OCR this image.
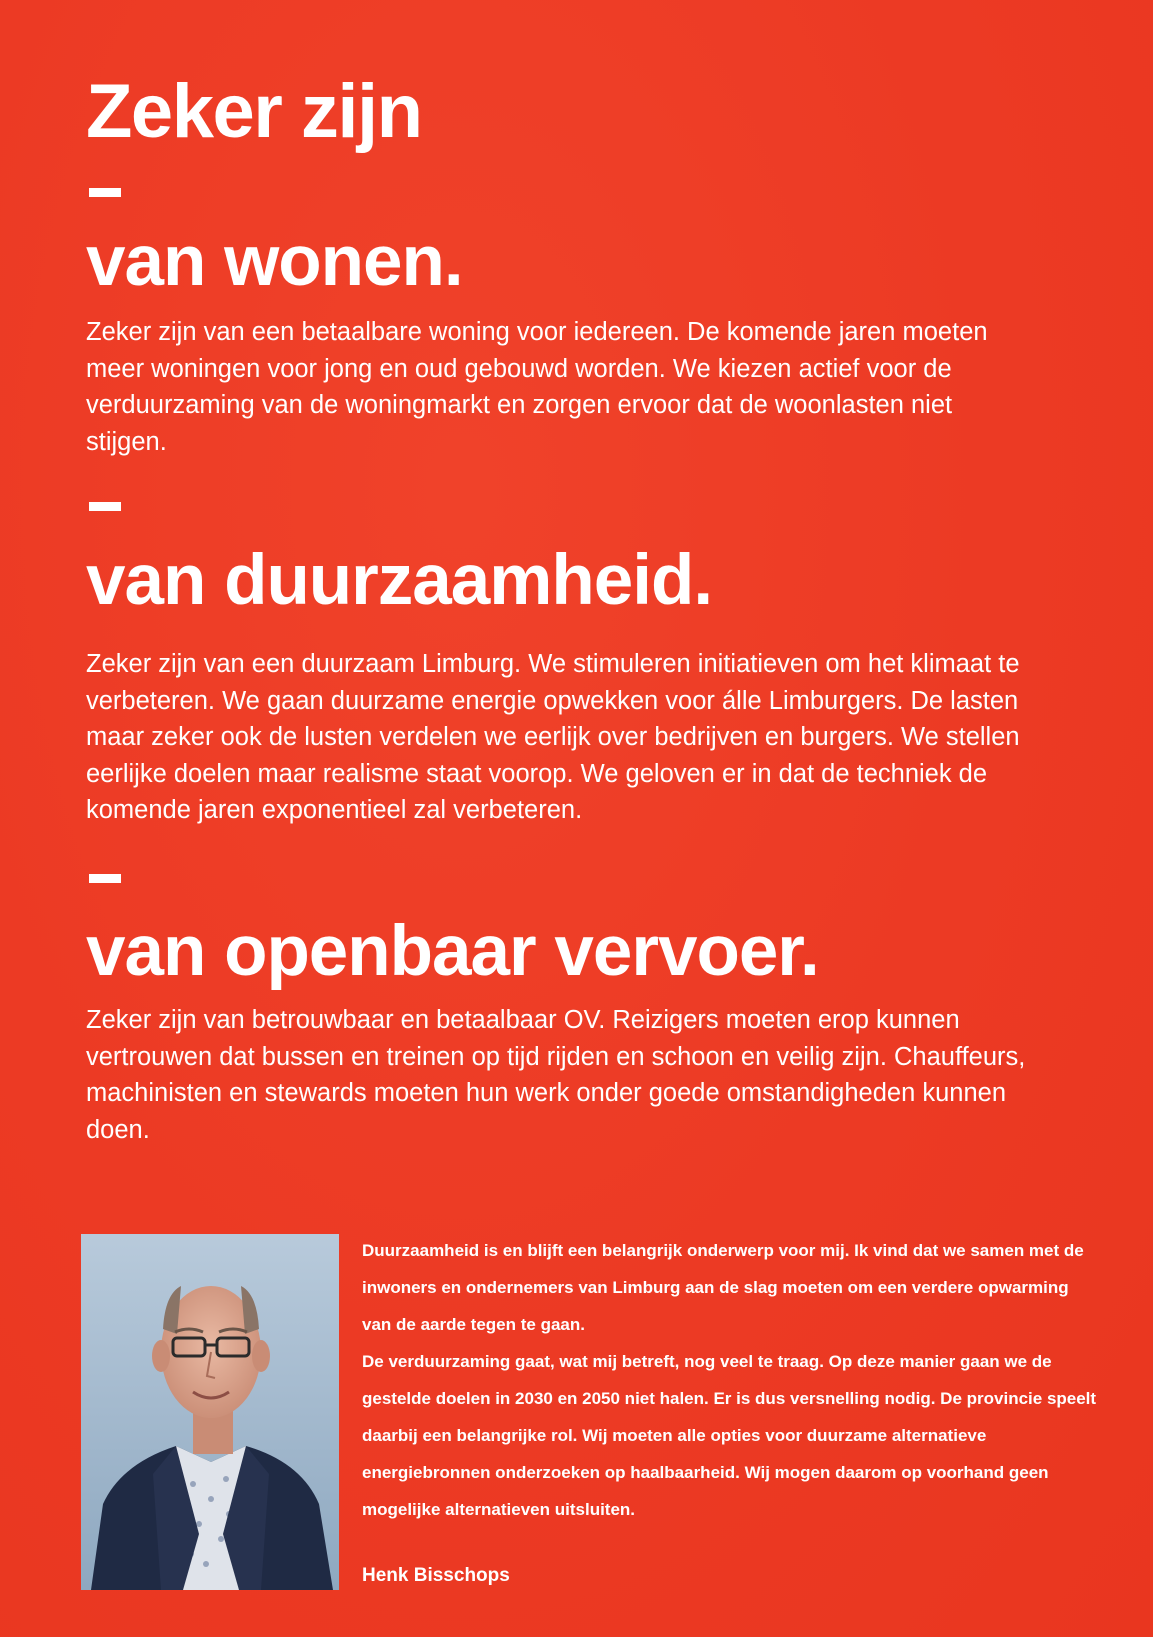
Zeker zijn
van wonen.

Zeker zijn van een betaalbare woning voor iedereen. De komende jaren moeten meer woningen voor jong en oud gebouwd worden. We kiezen actief voor de verduurzaming van de woningmarkt en zorgen ervoor dat de woonlasten niet stijgen.

van duurzaamheid.

Zeker zijn van een duurzaam Limburg. We stimuleren initiatieven om het klimaat te verbeteren. We gaan duurzame energie opwekken voor álle Limburgers. De lasten maar zeker ook de lusten verdelen we eerlijk over bedrijven en burgers. We stellen eerlijke doelen maar realisme staat voorop. We geloven er in dat de techniek de komende jaren exponentieel zal verbeteren.

van openbaar vervoer.

Zeker zijn van betrouwbaar en betaalbaar OV. Reizigers moeten erop kunnen vertrouwen dat bussen en treinen op tijd rijden en schoon en veilig zijn. Chauffeurs, machinisten en stewards moeten hun werk onder goede omstandigheden kunnen doen.

Duurzaamheid is en blijft een belangrijk onderwerp voor mij. Ik vind dat we samen met de inwoners en ondernemers van Limburg aan de slag moeten om een verdere opwarming van de aarde tegen te gaan.

De verduurzaming gaat, wat mij betreft, nog veel te traag. Op deze manier gaan we de gestelde doelen in 2030 en 2050 niet halen. Er is dus versnelling nodig. De provincie speelt daarbij een belangrijke rol. Wij moeten alle opties voor duurzame alternatieve energiebronnen onderzoeken op haalbaarheid. Wij mogen daarom op voorhand geen mogelijke alternatieven uitsluiten.

Henk Bisschops
